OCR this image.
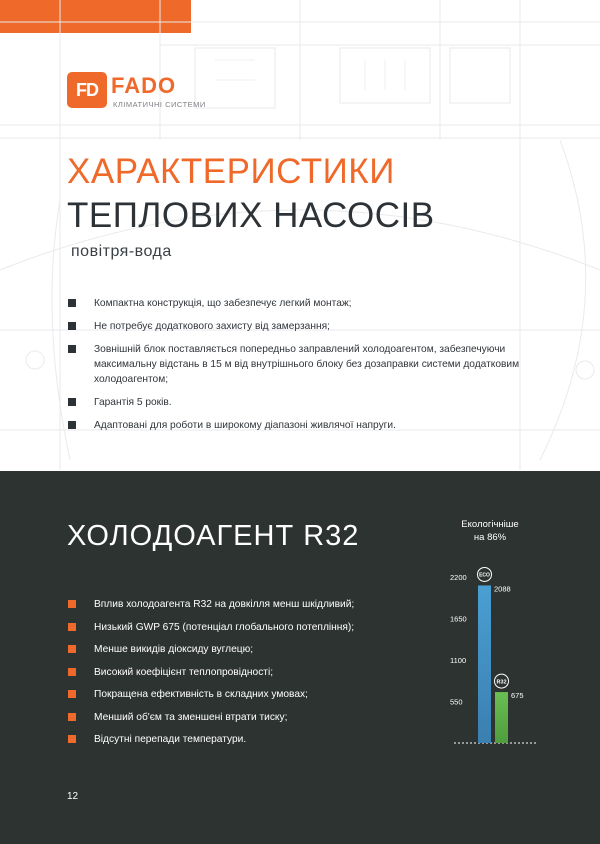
FD FADO
КЛІМАТИЧНІ СИСТЕМИ
ХАРАКТЕРИСТИКИ
ТЕПЛОВИХ НАСОСІВ
повітря-вода
Компактна конструкція, що забезпечує легкий монтаж;
Не потребує додаткового захисту від замерзання;
Зовнішній блок поставляється попередньо заправлений холодоагентом, забезпечуючи максимальну відстань в 15 м від внутрішнього блоку без дозаправки системи додатковим холодоагентом;
Гарантія 5 років.
Адаптовані для роботи в широкому діапазоні живлячої напруги.
ХОЛОДОАГЕНТ R32
Вплив холодоагента R32 на довкілля менш шкідливий;
Низький GWP 675 (потенціал глобального потепління);
Менше викидів діоксиду вуглецю;
Високий коефіцієнт теплопровідності;
Покращена ефективність в складних умовах;
Менший об'єм та зменшені втрати тиску;
Відсутні перепади температури.
Екологічніше
на 86%
550
1100
1650
2200
2088
ECO
675
R32
12
